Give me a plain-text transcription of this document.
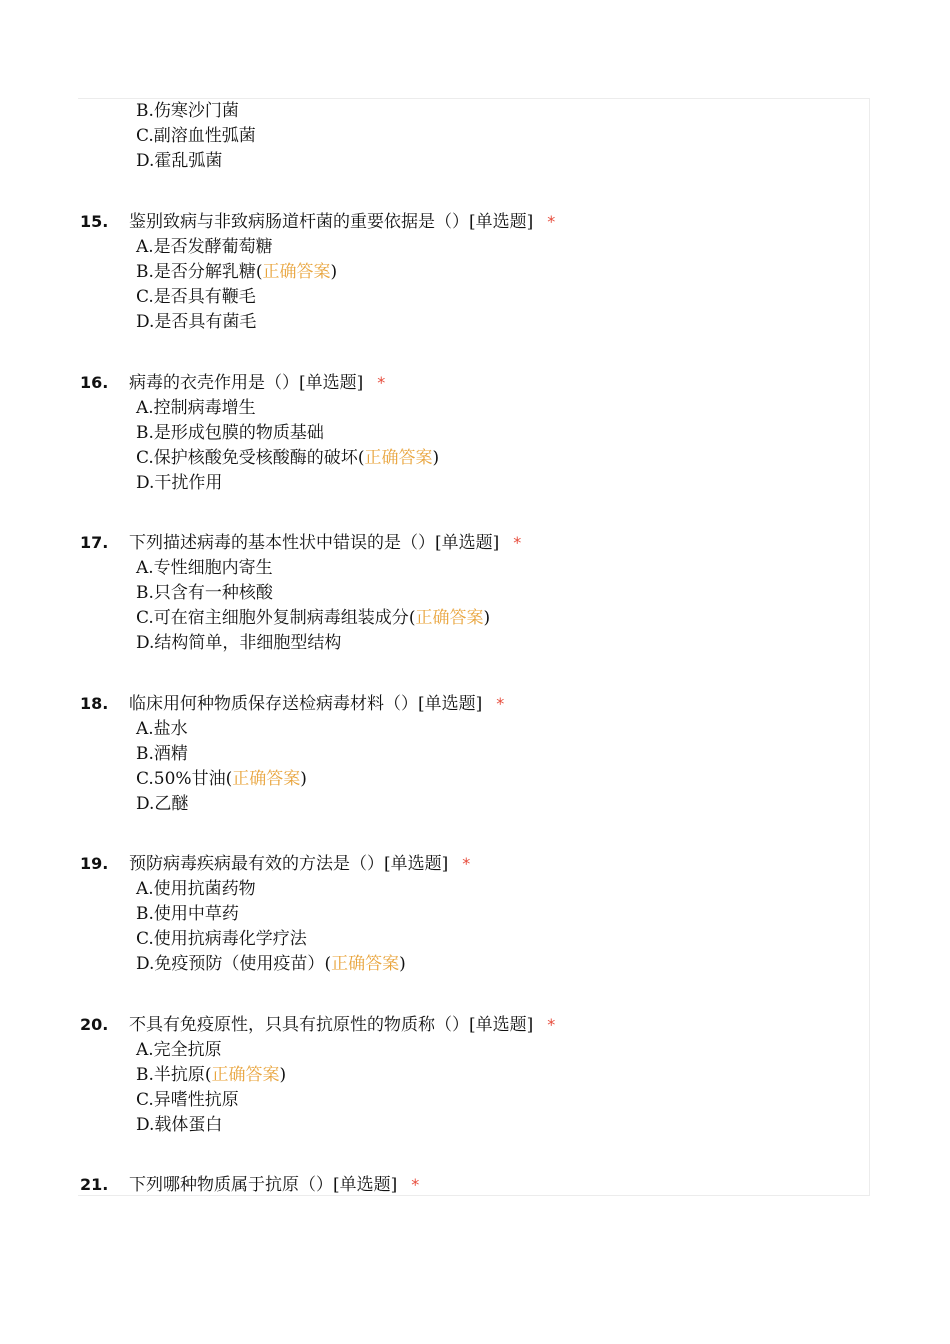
B.伤寒沙门菌
C.副溶血性弧菌
D.霍乱弧菌
15. 鉴别致病与非致病肠道杆菌的重要依据是（）[单选题] *
A.是否发酵葡萄糖
B.是否分解乳糖(正确答案)
C.是否具有鞭毛
D.是否具有菌毛
16. 病毒的衣壳作用是（）[单选题] *
A.控制病毒增生
B.是形成包膜的物质基础
C.保护核酸免受核酸酶的破坏(正确答案)
D.干扰作用
17. 下列描述病毒的基本性状中错误的是（）[单选题] *
A.专性细胞内寄生
B.只含有一种核酸
C.可在宿主细胞外复制病毒组装成分(正确答案)
D.结构简单，非细胞型结构
18. 临床用何种物质保存送检病毒材料（）[单选题] *
A.盐水
B.酒精
C.50%甘油(正确答案)
D.乙醚
19. 预防病毒疾病最有效的方法是（）[单选题] *
A.使用抗菌药物
B.使用中草药
C.使用抗病毒化学疗法
D.免疫预防（使用疫苗）(正确答案)
20. 不具有免疫原性，只具有抗原性的物质称（）[单选题] *
A.完全抗原
B.半抗原(正确答案)
C.异嗜性抗原
D.载体蛋白
21. 下列哪种物质属于抗原（）[单选题] *
